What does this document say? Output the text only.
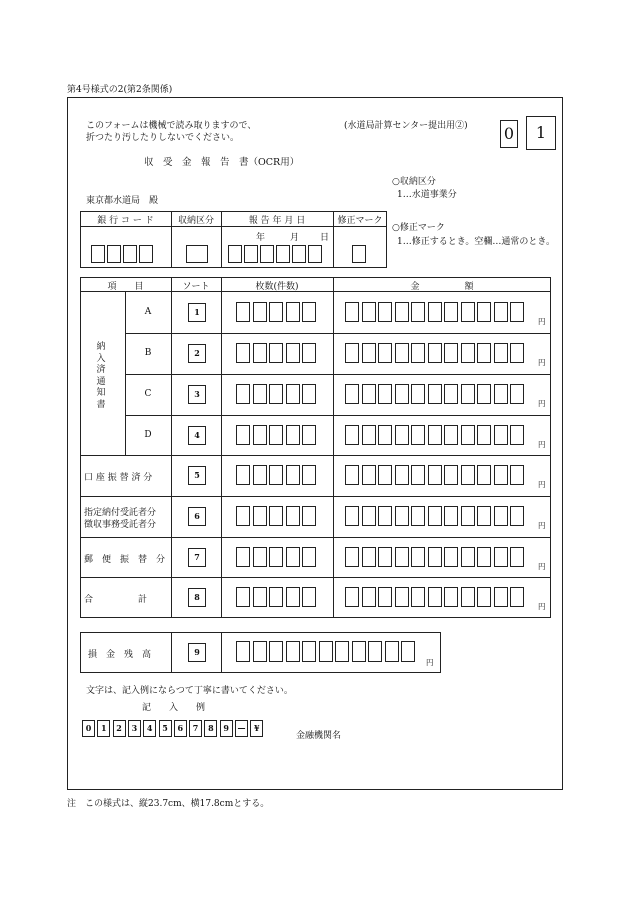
第4号様式の2(第2条関係)
このフォームは機械で読み取りますので、
折つたり汚したりしないでください。
(水道局計算センター提出用②) 0	1
収　受　金　報　告　書（OCR用）
東京都水道局　殿
○収納区分
1…水道事業分
○修正マーク
1…修正するとき。空欄…通常のとき。
銀 行 コ ー ド	収納区分	報 告 年 月 日	修正マーク
年	月 日
損　金　残　高	9
円
文字は、記入例にならつて丁寧に書いてください。
記　　入　　例
金融機関名
注　この様式は、縦23.7cm、横17.8cmとする。
項　　目	ソート	枚数(件数)	金　　　　　額
納入済通知書
A	1
円
B	2
円
C	3
円
D	4
円
口 座 振 替 済 分	5
円
指定納付受託者分
徴収事務受託者分
6
円
郵　便　振　替　分	7
円
合　　　　　計	8
円
0	1	2	3	4	5	6	7	8	9	—	¥
